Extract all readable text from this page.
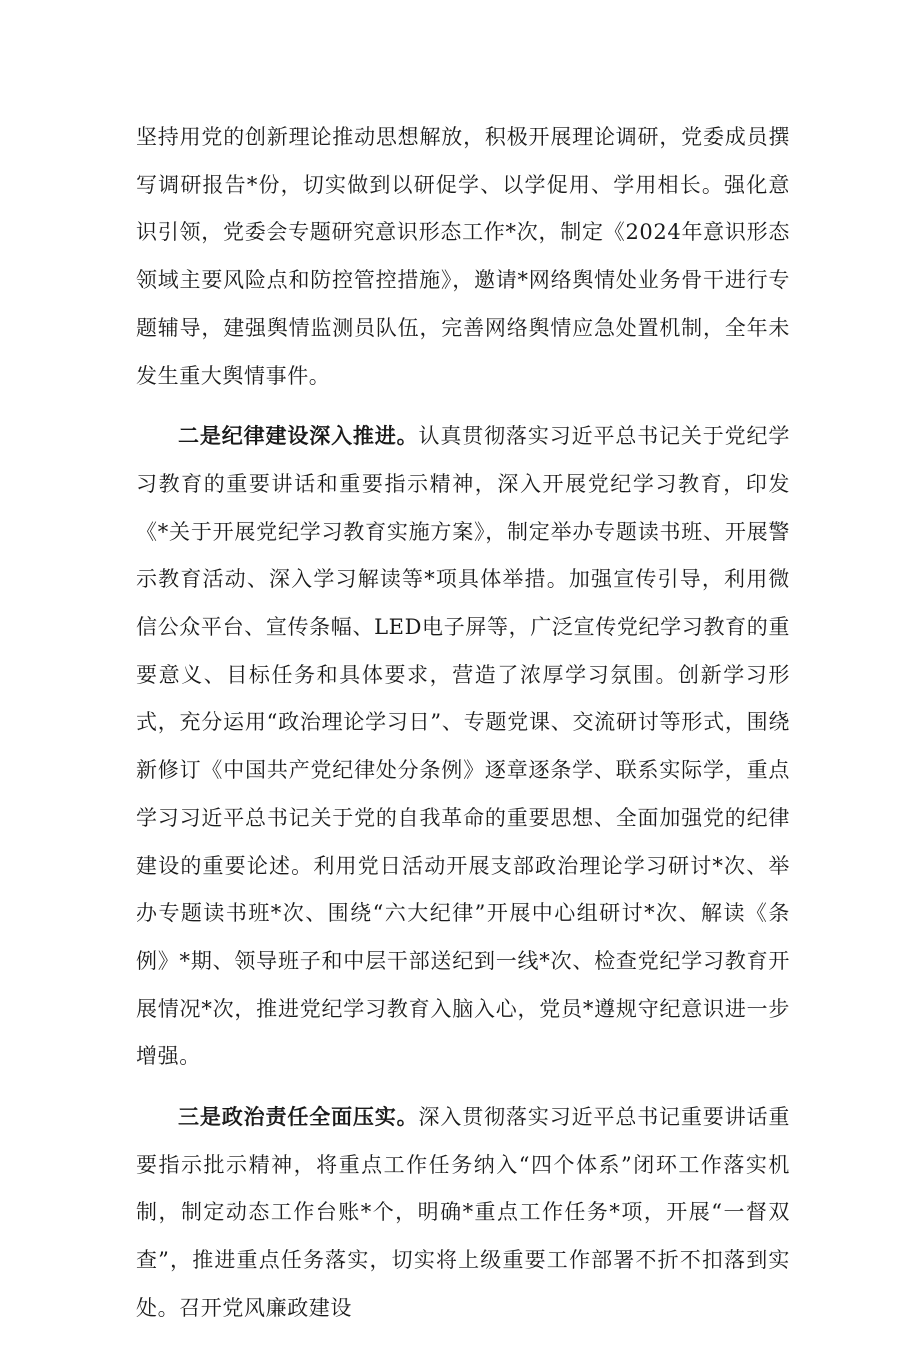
坚持用党的创新理论推动思想解放，积极开展理论调研，党委成员撰写调研报告*份，切实做到以研促学、以学促用、学用相长。强化意识引领，党委会专题研究意识形态工作*次，制定《2024年意识形态领域主要风险点和防控管控措施》，邀请*网络舆情处业务骨干进行专题辅导，建强舆情监测员队伍，完善网络舆情应急处置机制，全年未发生重大舆情事件。

二是纪律建设深入推进。认真贯彻落实习近平总书记关于党纪学习教育的重要讲话和重要指示精神，深入开展党纪学习教育，印发《*关于开展党纪学习教育实施方案》，制定举办专题读书班、开展警示教育活动、深入学习解读等*项具体举措。加强宣传引导，利用微信公众平台、宣传条幅、LED电子屏等，广泛宣传党纪学习教育的重要意义、目标任务和具体要求，营造了浓厚学习氛围。创新学习形式，充分运用“政治理论学习日”、专题党课、交流研讨等形式，围绕新修订《中国共产党纪律处分条例》逐章逐条学、联系实际学，重点学习习近平总书记关于党的自我革命的重要思想、全面加强党的纪律建设的重要论述。利用党日活动开展支部政治理论学习研讨*次、举办专题读书班*次、围绕“六大纪律”开展中心组研讨*次、解读《条例》*期、领导班子和中层干部送纪到一线*次、检查党纪学习教育开展情况*次，推进党纪学习教育入脑入心，党员*遵规守纪意识进一步增强。

三是政治责任全面压实。深入贯彻落实习近平总书记重要讲话重要指示批示精神，将重点工作任务纳入“四个体系”闭环工作落实机制，制定动态工作台账*个，明确*重点工作任务*项，开展“一督双查”，推进重点任务落实，切实将上级重要工作部署不折不扣落到实处。召开党风廉政建设
